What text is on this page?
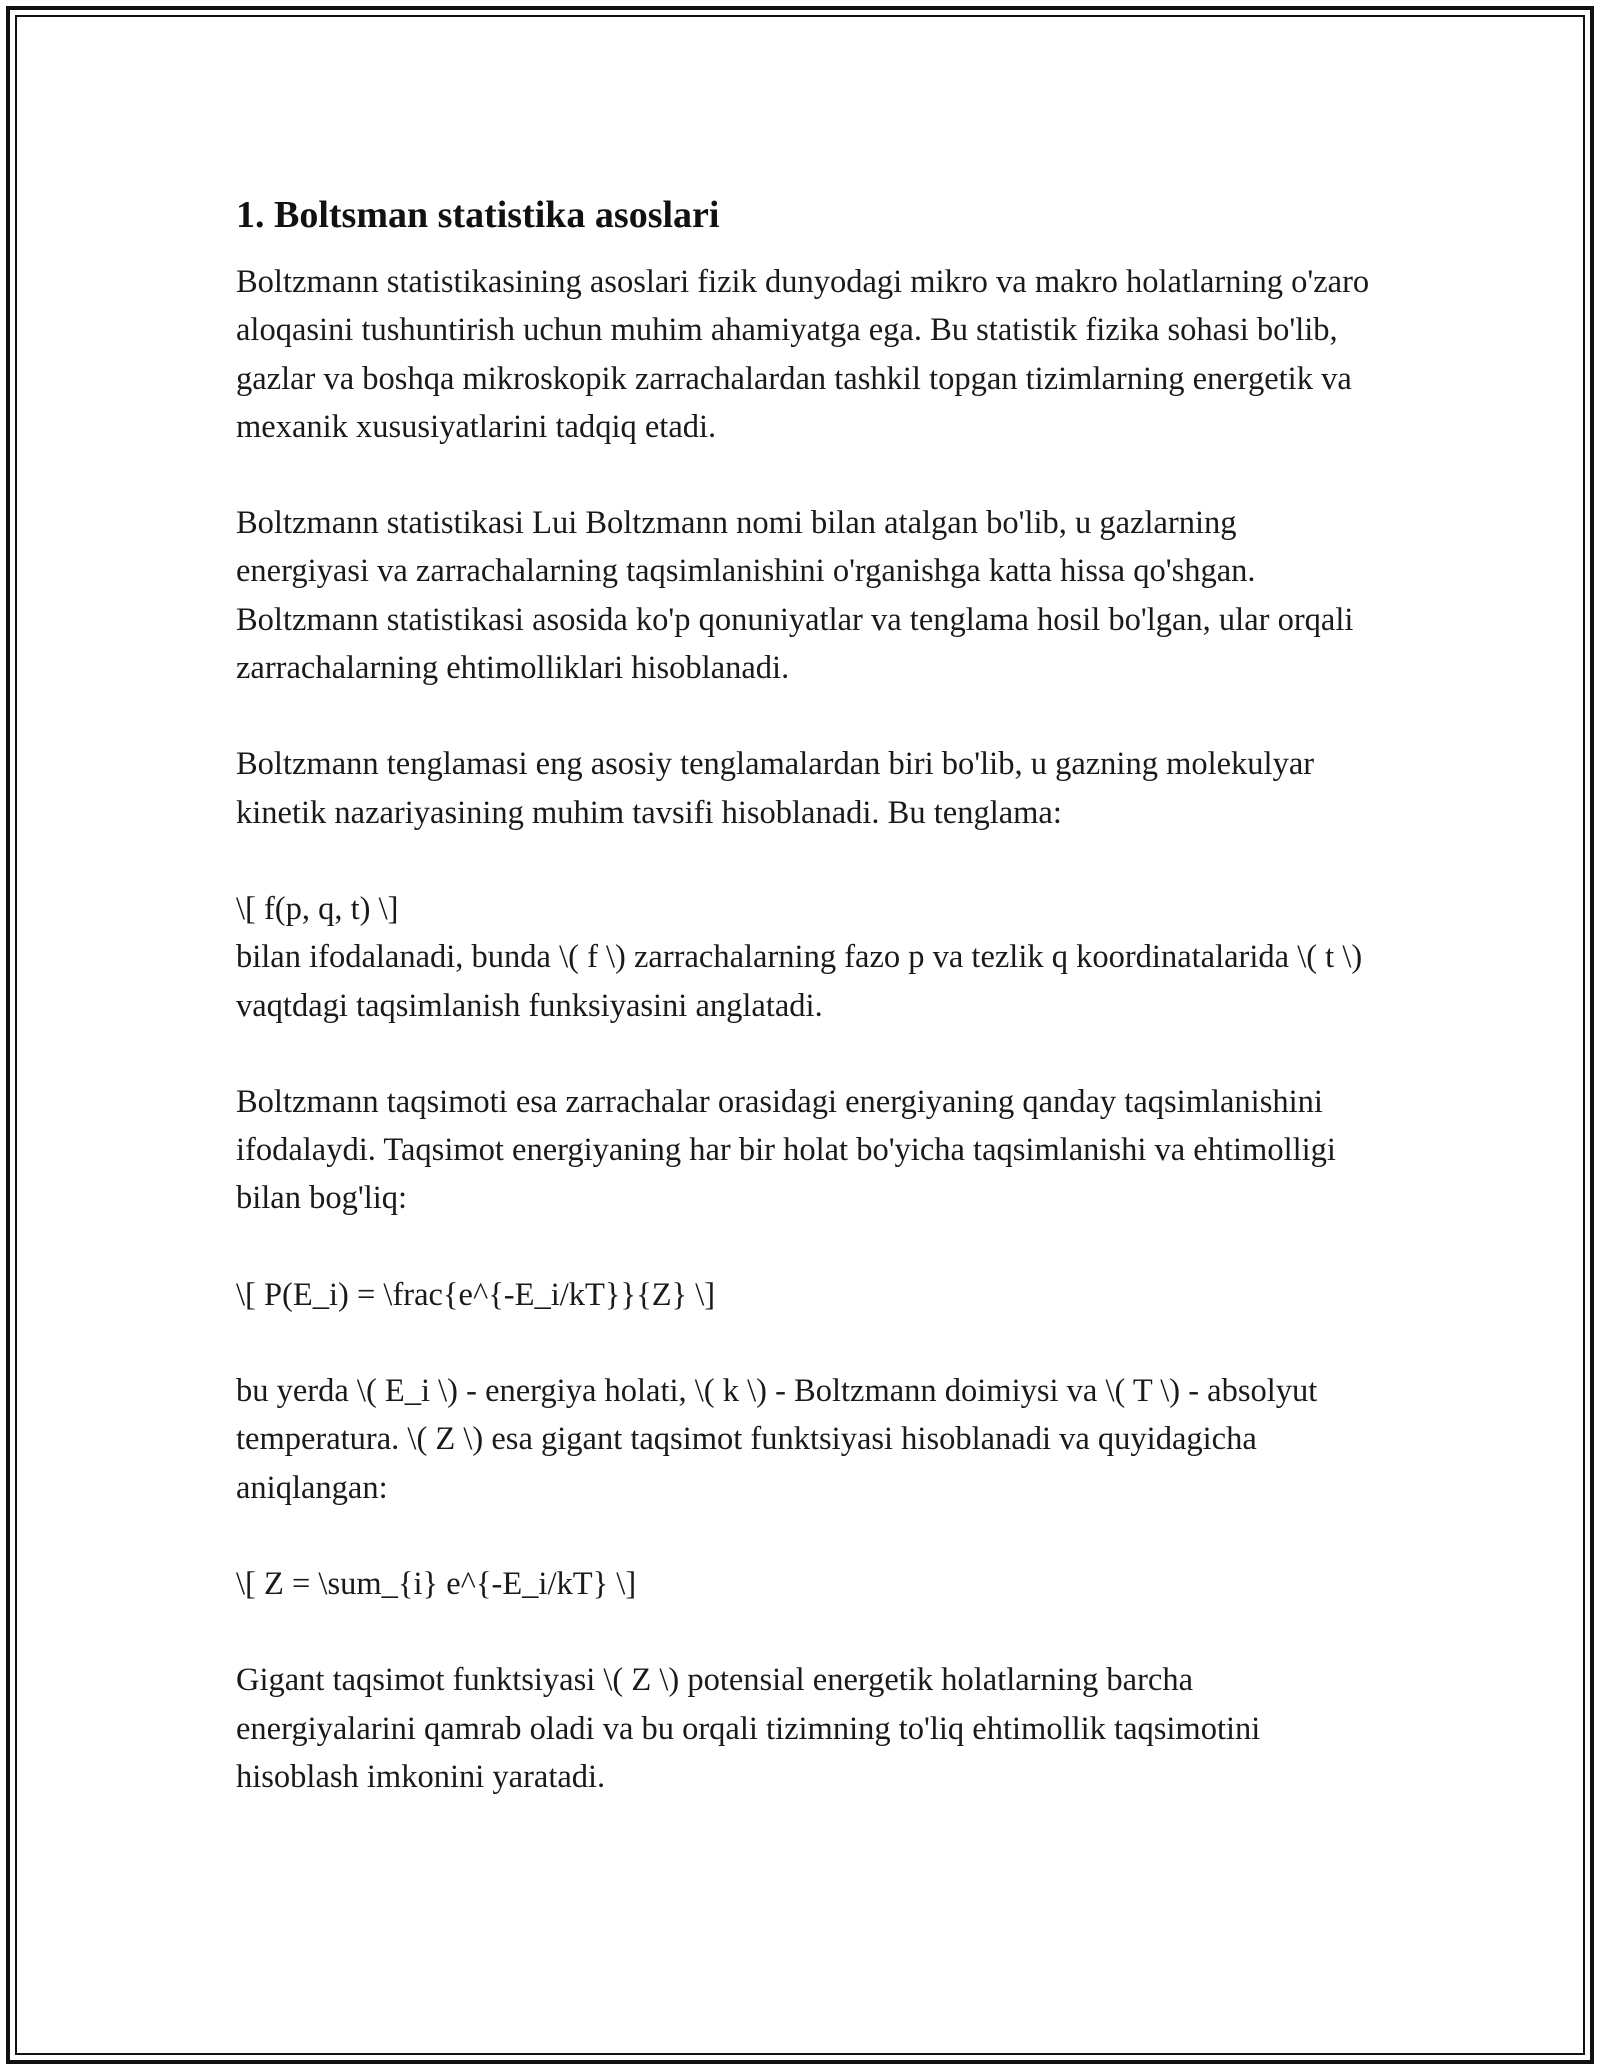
1. Boltsman statistika asoslari

Boltzmann statistikasining asoslari fizik dunyodagi mikro va makro holatlarning o'zaro aloqasini tushuntirish uchun muhim ahamiyatga ega. Bu statistik fizika sohasi bo'lib, gazlar va boshqa mikroskopik zarrachalardan tashkil topgan tizimlarning energetik va mexanik xususiyatlarini tadqiq etadi.

Boltzmann statistikasi Lui Boltzmann nomi bilan atalgan bo'lib, u gazlarning energiyasi va zarrachalarning taqsimlanishini o'rganishga katta hissa qo'shgan. Boltzmann statistikasi asosida ko'p qonuniyatlar va tenglama hosil bo'lgan, ular orqali zarrachalarning ehtimolliklari hisoblanadi.

Boltzmann tenglamasi eng asosiy tenglamalardan biri bo'lib, u gazning molekulyar kinetik nazariyasining muhim tavsifi hisoblanadi. Bu tenglama:

\[ f(p, q, t) \]

bilan ifodalanadi, bunda \( f \) zarrachalarning fazo p va tezlik q koordinatalarida \( t \) vaqtdagi taqsimlanish funksiyasini anglatadi.

Boltzmann taqsimoti esa zarrachalar orasidagi energiyaning qanday taqsimlanishini ifodalaydi. Taqsimot energiyaning har bir holat bo'yicha taqsimlanishi va ehtimolligi bilan bog'liq:

\[ P(E_i) = \frac{e^{-E_i/kT}}{Z} \]

bu yerda \( E_i \) - energiya holati, \( k \) - Boltzmann doimiysi va \( T \) - absolyut temperatura. \( Z \) esa gigant taqsimot funktsiyasi hisoblanadi va quyidagicha aniqlangan:

\[ Z = \sum_{i} e^{-E_i/kT} \]

Gigant taqsimot funktsiyasi \( Z \) potensial energetik holatlarning barcha energiyalarini qamrab oladi va bu orqali tizimning to'liq ehtimollik taqsimotini hisoblash imkonini yaratadi.
